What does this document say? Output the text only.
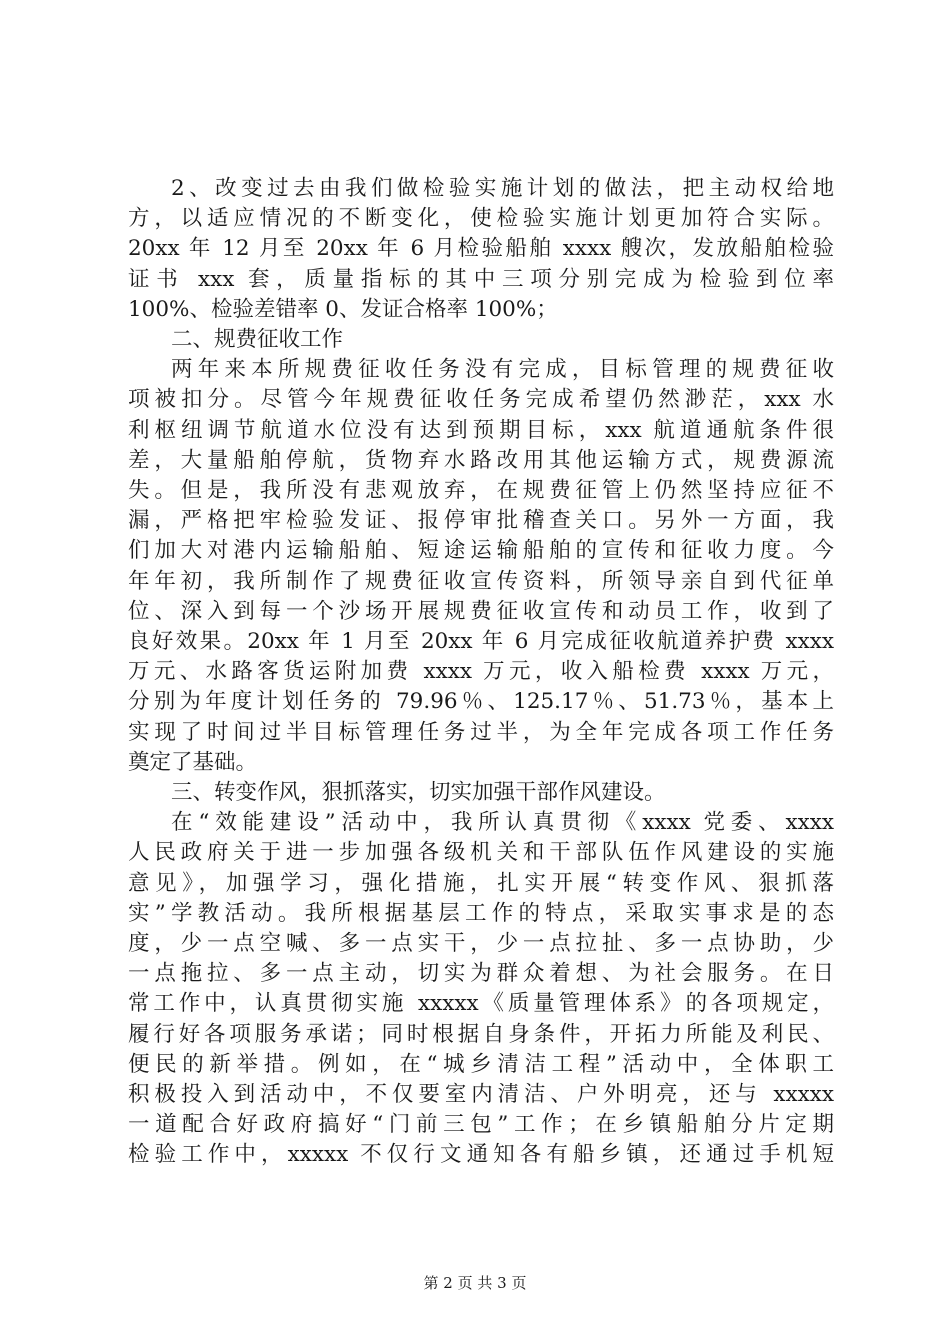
2、改变过去由我们做检验实施计划的做法，把主动权给地
方，以适应情况的不断变化，使检验实施计划更加符合实际。
20xx 年 12 月至 20xx 年 6 月检验船舶 xxxx 艘次，发放船舶检验
证书 xxx 套，质量指标的其中三项分别完成为检验到位率
100%、检验差错率 0、发证合格率 100%；
二、规费征收工作
两年来本所规费征收任务没有完成，目标管理的规费征收
项被扣分。尽管今年规费征收任务完成希望仍然渺茫，xxx 水
利枢纽调节航道水位没有达到预期目标，xxx 航道通航条件很
差，大量船舶停航，货物弃水路改用其他运输方式，规费源流
失。但是，我所没有悲观放弃，在规费征管上仍然坚持应征不
漏，严格把牢检验发证、报停审批稽查关口。另外一方面，我
们加大对港内运输船舶、短途运输船舶的宣传和征收力度。今
年年初，我所制作了规费征收宣传资料，所领导亲自到代征单
位、深入到每一个沙场开展规费征收宣传和动员工作，收到了
良好效果。20xx 年 1 月至 20xx 年 6 月完成征收航道养护费 xxxx
万元、水路客货运附加费 xxxx 万元，收入船检费 xxxx 万元，
分别为年度计划任务的 79.96％、125.17％、51.73％，基本上
实现了时间过半目标管理任务过半，为全年完成各项工作任务
奠定了基础。
三、转变作风，狠抓落实，切实加强干部作风建设。
在“效能建设”活动中，我所认真贯彻《xxxx 党委、xxxx
人民政府关于进一步加强各级机关和干部队伍作风建设的实施
意见》，加强学习，强化措施，扎实开展“转变作风、狠抓落
实”学教活动。我所根据基层工作的特点，采取实事求是的态
度，少一点空喊、多一点实干，少一点拉扯、多一点协助，少
一点拖拉、多一点主动，切实为群众着想、为社会服务。在日
常工作中，认真贯彻实施 xxxxx《质量管理体系》的各项规定，
履行好各项服务承诺；同时根据自身条件，开拓力所能及利民、
便民的新举措。例如，在“城乡清洁工程”活动中，全体职工
积极投入到活动中，不仅要室内清洁、户外明亮，还与 xxxxx
一道配合好政府搞好“门前三包”工作；在乡镇船舶分片定期
检验工作中，xxxxx 不仅行文通知各有船乡镇，还通过手机短
第 2 页 共 3 页
